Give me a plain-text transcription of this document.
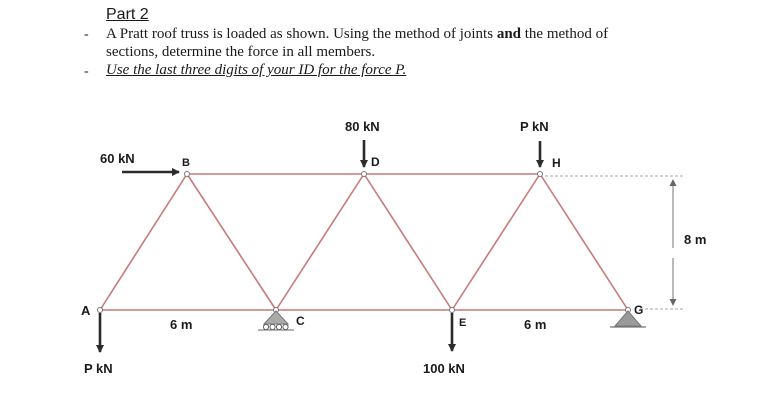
Part 2
- A Pratt roof truss is loaded as shown. Using the method of joints and the method of
sections, determine the force in all members.
- Use the last three digits of your ID for the force P.
A
B
C
D
E
G
H
60 kN
80 kN	P kN
P kN	100 kN
6 m	6 m
8 m
